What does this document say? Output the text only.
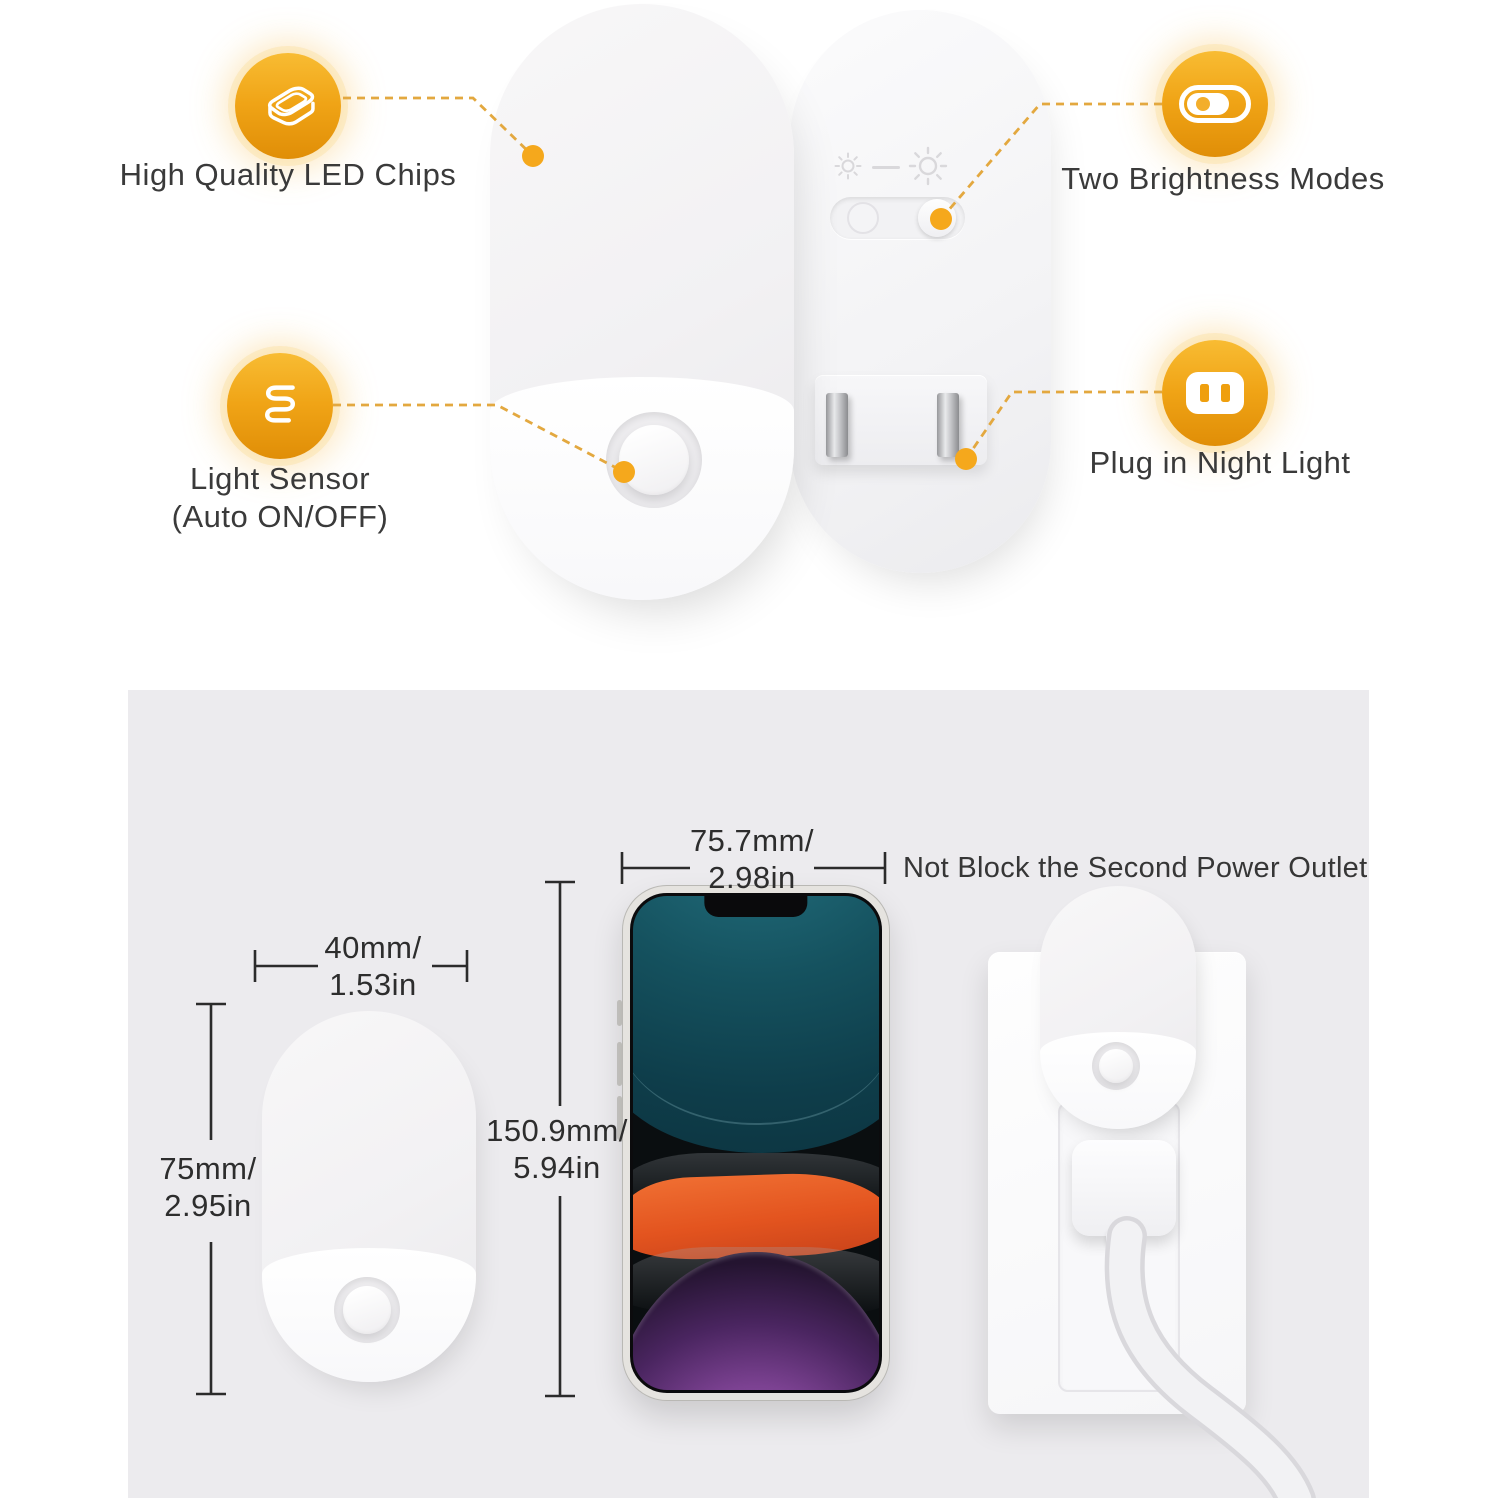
High Quality LED Chips
Light Sensor
(Auto ON/OFF)
Two Brightness Modes
Plug in Night Light
40mm/
1.53in
75mm/
2.95in
150.9mm/
5.94in
75.7mm/
2.98in	Not Block the Second Power Outlet
